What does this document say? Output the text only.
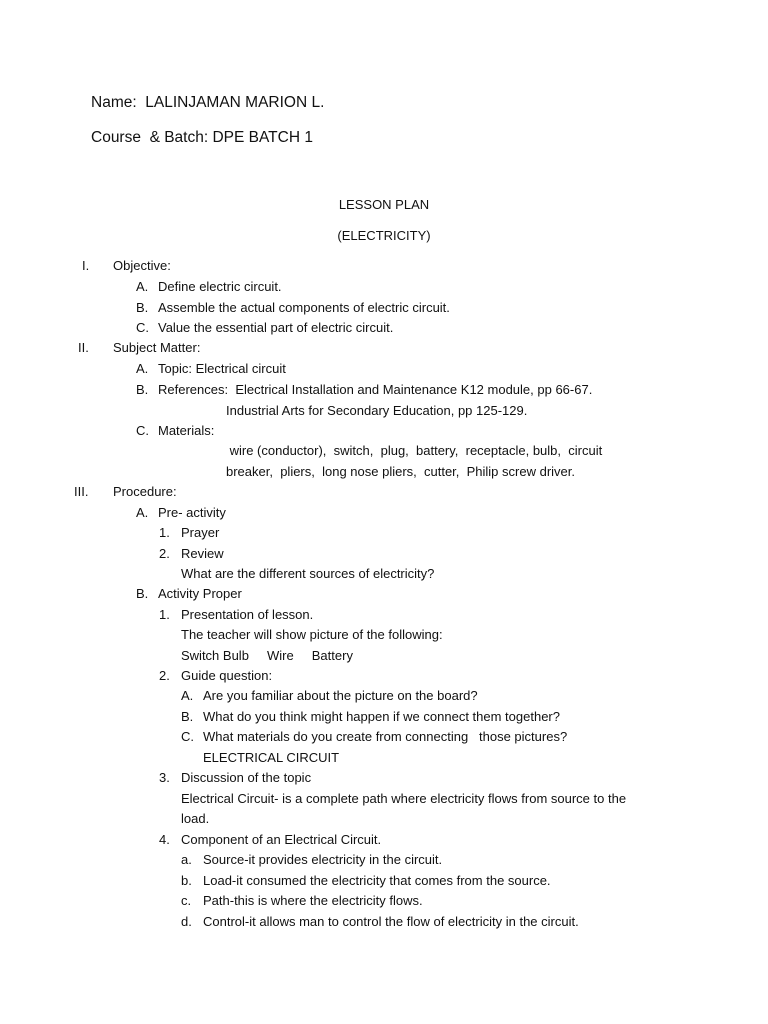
Name:  LALINJAMAN MARION L.
Course  & Batch: DPE BATCH 1
LESSON PLAN
(ELECTRICITY)
I. Objective:
A. Define electric circuit.
B. Assemble the actual components of electric circuit.
C. Value the essential part of electric circuit.
II. Subject Matter:
A. Topic: Electrical circuit
B. References:  Electrical Installation and Maintenance K12 module, pp 66-67.
Industrial Arts for Secondary Education, pp 125-129.
C. Materials:
wire (conductor),  switch,  plug,  battery,  receptacle, bulb,  circuit
breaker,  pliers,  long nose pliers,  cutter,  Philip screw driver.
III. Procedure:
A. Pre- activity
1. Prayer
2. Review
What are the different sources of electricity?
B. Activity Proper
1. Presentation of lesson.
The teacher will show picture of the following:
Switch Bulb     Wire     Battery
2. Guide question:
A. Are you familiar about the picture on the board?
B. What do you think might happen if we connect them together?
C. What materials do you create from connecting   those pictures?
ELECTRICAL CIRCUIT
3. Discussion of the topic
Electrical Circuit- is a complete path where electricity flows from source to the
load.
4. Component of an Electrical Circuit.
a. Source-it provides electricity in the circuit.
b. Load-it consumed the electricity that comes from the source.
c. Path-this is where the electricity flows.
d. Control-it allows man to control the flow of electricity in the circuit.
